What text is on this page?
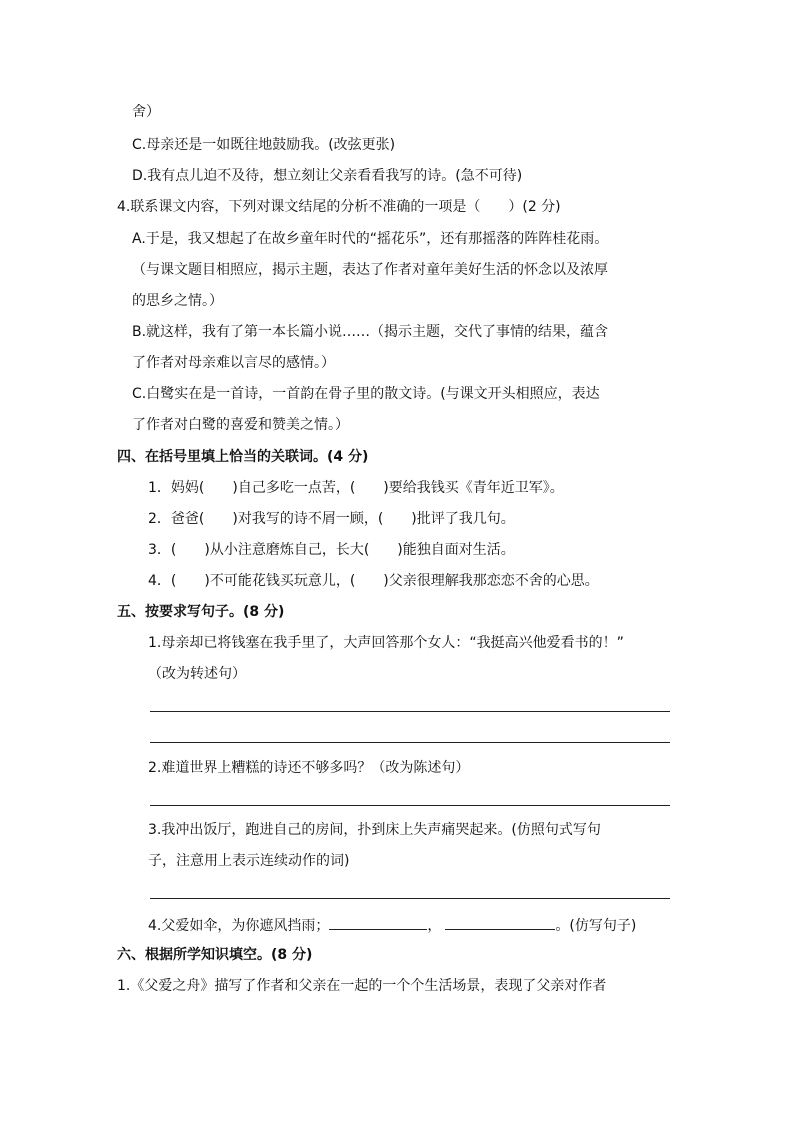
舍）
C.母亲还是一如既往地鼓励我。(改弦更张)
D.我有点儿迫不及待，想立刻让父亲看看我写的诗。(急不可待)
4.联系课文内容，下列对课文结尾的分析不准确的一项是（　　）(2 分)
A.于是，我又想起了在故乡童年时代的“摇花乐”，还有那摇落的阵阵桂花雨。
（与课文题目相照应，揭示主题，表达了作者对童年美好生活的怀念以及浓厚
的思乡之情。）
B.就这样，我有了第一本长篇小说……（揭示主题，交代了事情的结果，蕴含
了作者对母亲难以言尽的感情。）
C.白鹭实在是一首诗，一首韵在骨子里的散文诗。(与课文开头相照应，表达
了作者对白鹭的喜爱和赞美之情。）
四、在括号里填上恰当的关联词。(4 分)
1．妈妈(　　)自己多吃一点苦，(　　)要给我钱买《青年近卫军》。
2．爸爸(　　)对我写的诗不屑一顾，(　　)批评了我几句。
3．(　　)从小注意磨炼自己，长大(　　)能独自面对生活。
4．(　　)不可能花钱买玩意儿，(　　)父亲很理解我那恋恋不舍的心思。
五、按要求写句子。(8 分)
1.母亲却已将钱塞在我手里了，大声回答那个女人：“我挺高兴他爱看书的！”
（改为转述句）
2.难道世界上糟糕的诗还不够多吗？（改为陈述句）
3.我冲出饭厅，跑进自己的房间，扑到床上失声痛哭起来。(仿照句式写句
子，注意用上表示连续动作的词)
4.父爱如伞，为你遮风挡雨；	，	。(仿写句子)
六、根据所学知识填空。(8 分)
1.《父爱之舟》描写了作者和父亲在一起的一个个生活场景，表现了父亲对作者
